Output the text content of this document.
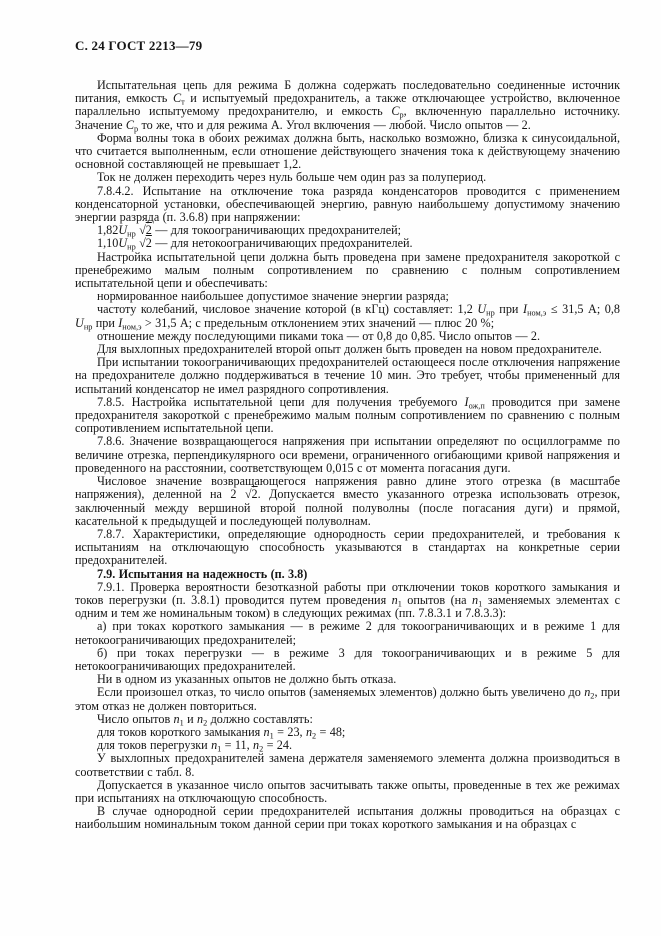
С. 24 ГОСТ 2213—79

Испытательная цепь для режима Б должна содержать последовательно соединенные источник питания, емкость $С_т$ и испытуемый предохранитель, а также отключающее устройство, включенное параллельно испытуемому предохранителю, и емкость $С_р$, включенную параллельно источнику. Значение $С_р$ то же, что и для режима А. Угол включения — любой. Число опытов — 2.

Форма волны тока в обоих режимах должна быть, насколько возможно, близка к синусоидальной, что считается выполненным, если отношение действующего значения тока к действующему значению основной составляющей не превышает 1,2.

Ток не должен переходить через нуль больше чем один раз за полупериод.

7.8.4.2. Испытание на отключение тока разряда конденсаторов проводится с применением конденсаторной установки, обеспечивающей энергию, равную наибольшему допустимому значению энергии разряда (п. 3.6.8) при напряжении:

$1,82U_{нр}$ √2 — для токоограничивающих предохранителей;

$1,10U_{нр}$ √2 — для нетокоограничивающих предохранителей.

Настройка испытательной цепи должна быть проведена при замене предохранителя закороткой с пренебрежимо малым полным сопротивлением по сравнению с полным сопротивлением испытательной цепи и обеспечивать:

нормированное наибольшее допустимое значение энергии разряда;

частоту колебаний, числовое значение которой (в кГц) составляет: 1,2 $U_{нр}$ при $I_{ном,э} \le 31,5$ А; 0,8 $U_{нр}$ при $I_{ном,э} > 31,5$ А; с предельным отклонением этих значений — плюс 20 %;

отношение между последующими пиками тока — от 0,8 до 0,85. Число опытов — 2.

Для выхлопных предохранителей второй опыт должен быть проведен на новом предохранителе.

При испытании токоограничивающих предохранителей остающееся после отключения напряжение на предохранителе должно поддерживаться в течение 10 мин. Это требует, чтобы примененный для испытаний конденсатор не имел разрядного сопротивления.

7.8.5. Настройка испытательной цепи для получения требуемого $I_{ож,п}$ проводится при замене предохранителя закороткой с пренебрежимо малым полным сопротивлением по сравнению с полным сопротивлением испытательной цепи.

7.8.6. Значение возвращающегося напряжения при испытании определяют по осциллограмме по величине отрезка, перпендикулярного оси времени, ограниченного огибающими кривой напряжения и проведенного на расстоянии, соответствующем 0,015 с от момента погасания дуги.

Числовое значение возвращающегося напряжения равно длине этого отрезка (в масштабе напряжения), деленной на 2 √2. Допускается вместо указанного отрезка использовать отрезок, заключенный между вершиной второй полной полуволны (после погасания дуги) и прямой, касательной к предыдущей и последующей полуволнам.

7.8.7. Характеристики, определяющие однородность серии предохранителей, и требования к испытаниям на отключающую способность указываются в стандартах на конкретные серии предохранителей.

7.9. Испытания на надежность (п. 3.8)

7.9.1. Проверка вероятности безотказной работы при отключении токов короткого замыкания и токов перегрузки (п. 3.8.1) проводится путем проведения $n_1$ опытов (на $n_1$ заменяемых элементах с одним и тем же номинальным током) в следующих режимах (пп. 7.8.3.1 и 7.8.3.3):

а) при токах короткого замыкания — в режиме 2 для токоограничивающих и в режиме 1 для нетокоограничивающих предохранителей;

б) при токах перегрузки — в режиме 3 для токоограничивающих и в режиме 5 для нетокоограничивающих предохранителей.

Ни в одном из указанных опытов не должно быть отказа.

Если произошел отказ, то число опытов (заменяемых элементов) должно быть увеличено до $n_2$, при этом отказ не должен повториться.

Число опытов $n_1$ и $n_2$ должно составлять:

для токов короткого замыкания $n_1 = 23$, $n_2 = 48$;

для токов перегрузки $n_1 = 11$, $n_2 = 24$.

У выхлопных предохранителей замена держателя заменяемого элемента должна производиться в соответствии с табл. 8.

Допускается в указанное число опытов засчитывать также опыты, проведенные в тех же режимах при испытаниях на отключающую способность.

В случае однородной серии предохранителей испытания должны проводиться на образцах с наибольшим номинальным током данной серии при токах короткого замыкания и на образцах с
